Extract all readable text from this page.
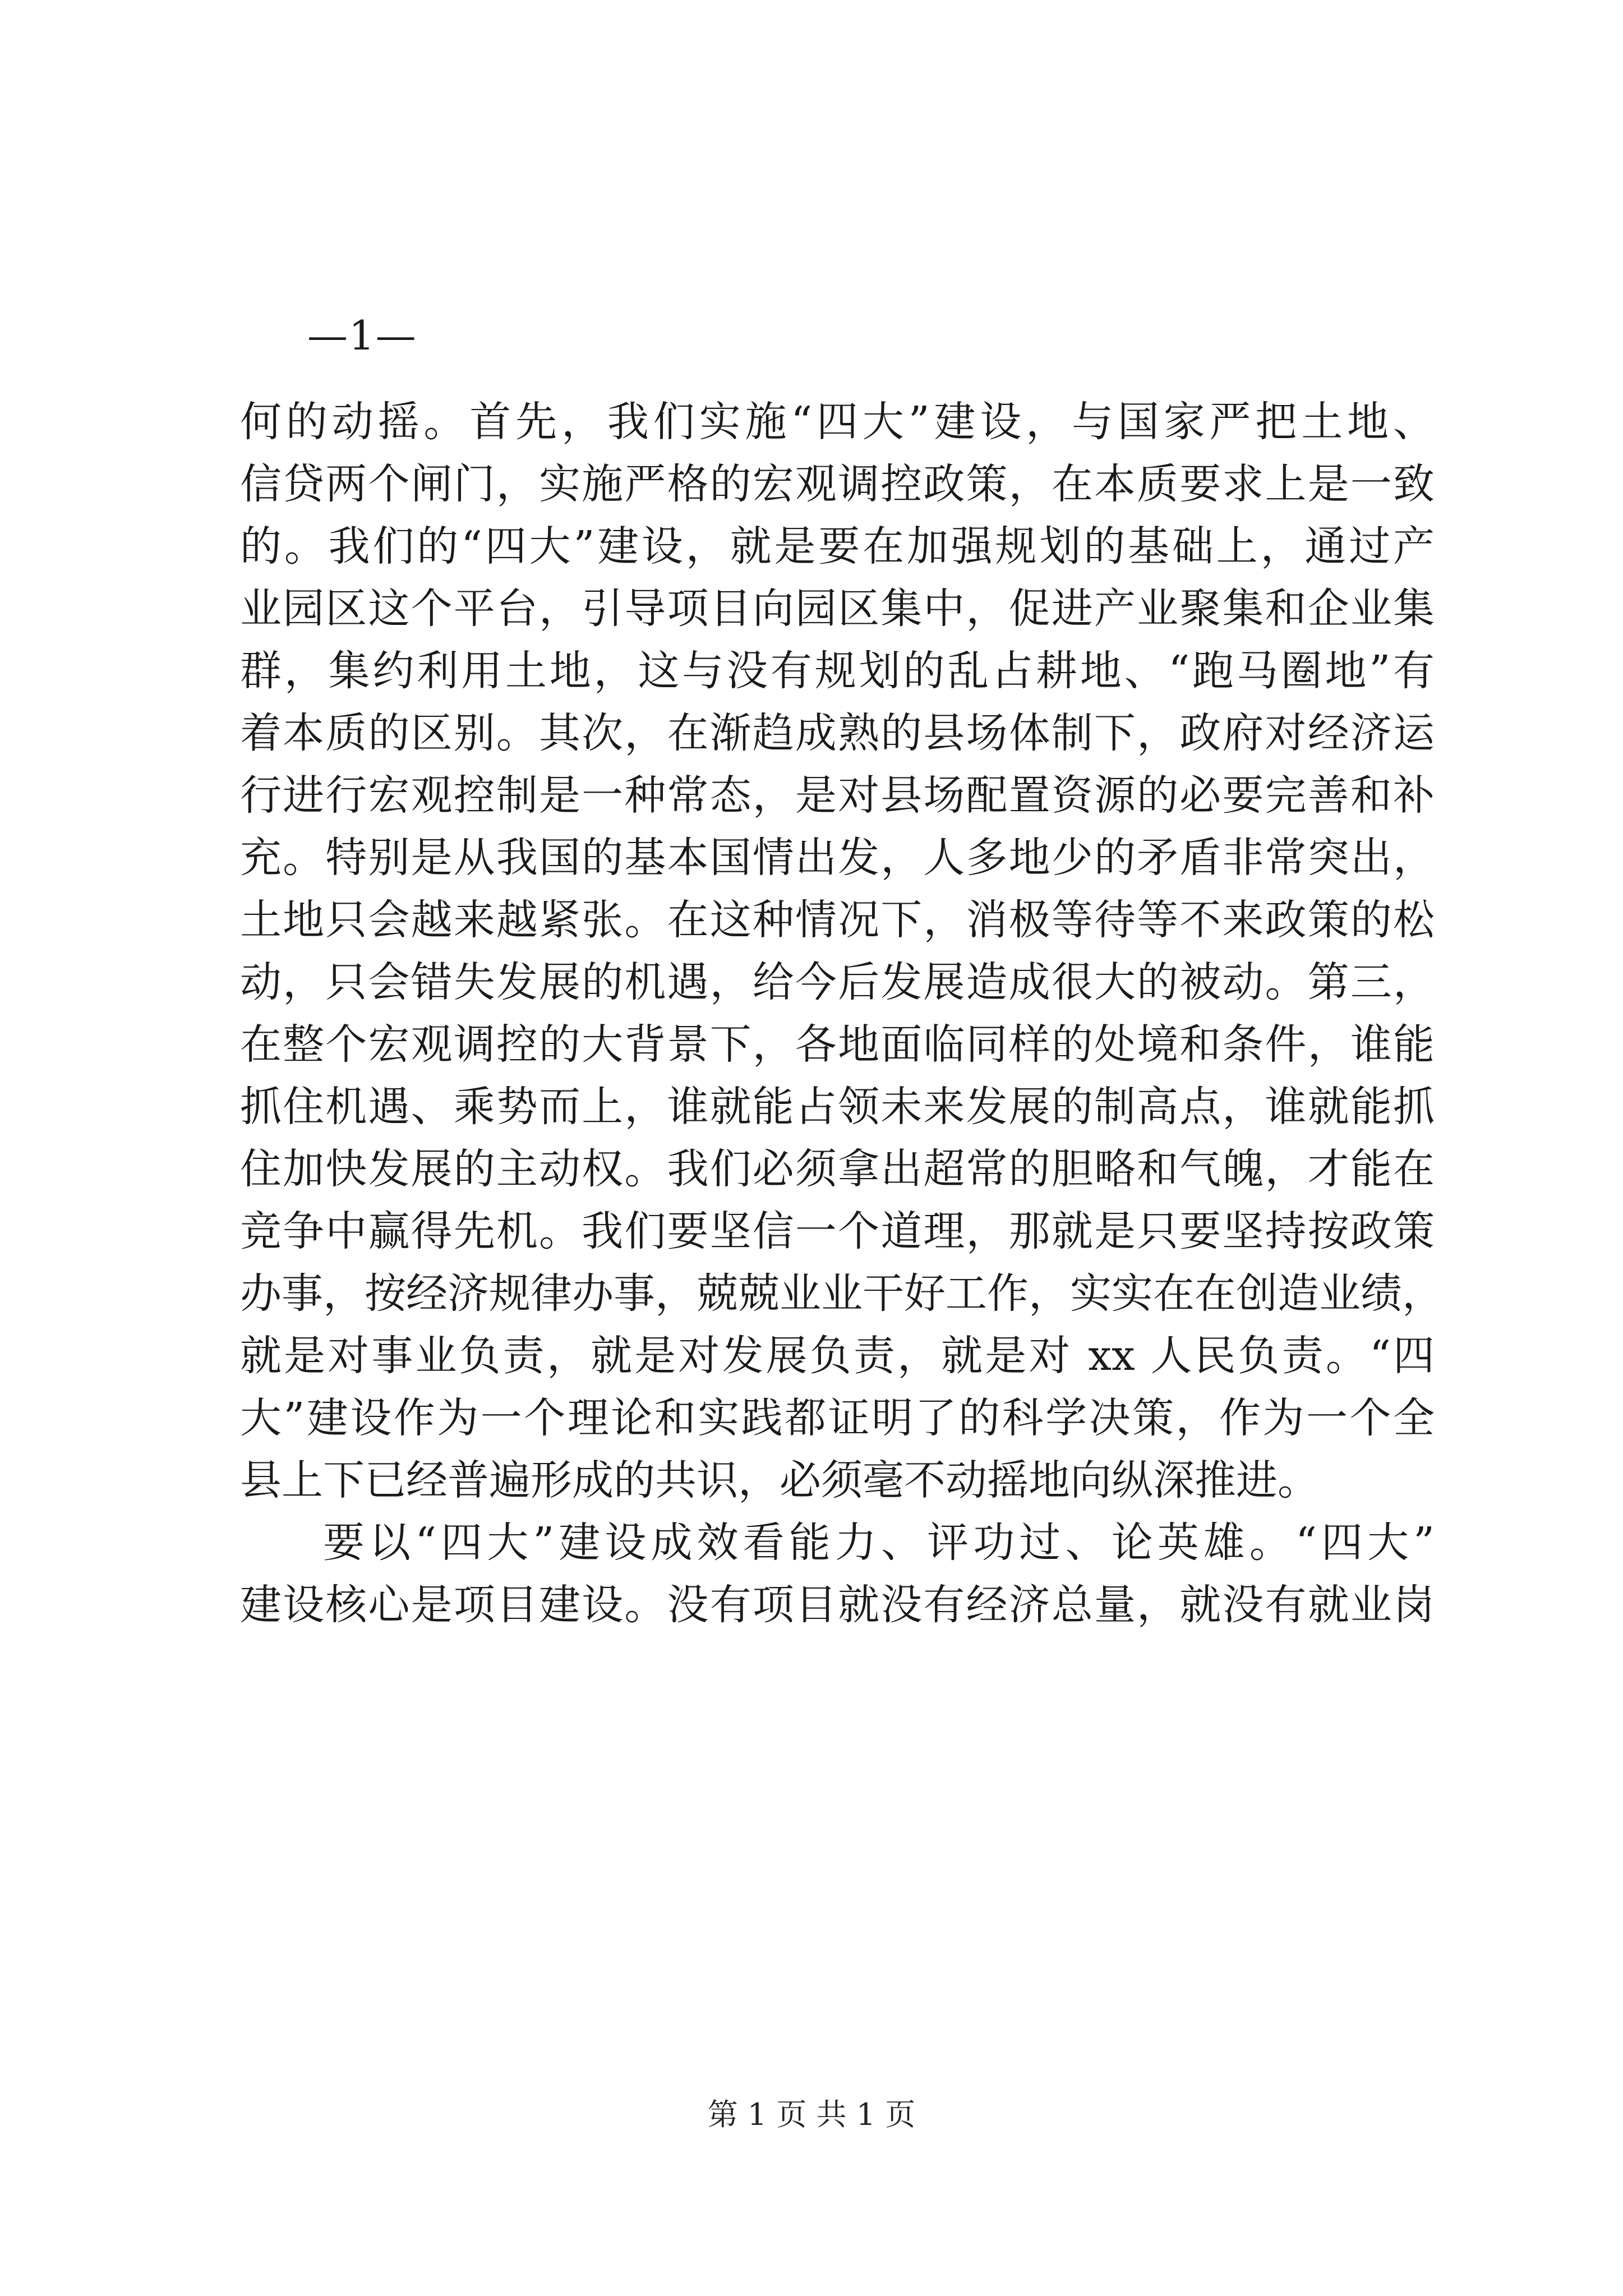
—1—
何的动摇。首先，我们实施“四大”建设，与国家严把土地、
信贷两个闸门，实施严格的宏观调控政策，在本质要求上是一致
的。我们的“四大”建设，就是要在加强规划的基础上，通过产
业园区这个平台，引导项目向园区集中，促进产业聚集和企业集
群，集约利用土地，这与没有规划的乱占耕地、“跑马圈地”有
着本质的区别。其次，在渐趋成熟的县场体制下，政府对经济运
行进行宏观控制是一种常态，是对县场配置资源的必要完善和补
充。特别是从我国的基本国情出发，人多地少的矛盾非常突出，
土地只会越来越紧张。在这种情况下，消极等待等不来政策的松
动，只会错失发展的机遇，给今后发展造成很大的被动。第三，
在整个宏观调控的大背景下，各地面临同样的处境和条件，谁能
抓住机遇、乘势而上，谁就能占领未来发展的制高点，谁就能抓
住加快发展的主动权。我们必须拿出超常的胆略和气魄，才能在
竞争中赢得先机。我们要坚信一个道理，那就是只要坚持按政策
办事，按经济规律办事，兢兢业业干好工作，实实在在创造业绩，
就是对事业负责，就是对发展负责，就是对 xx 人民负责。“四
大”建设作为一个理论和实践都证明了的科学决策，作为一个全
县上下已经普遍形成的共识，必须毫不动摇地向纵深推进。
要以“四大”建设成效看能力、评功过、论英雄。“四大”
建设核心是项目建设。没有项目就没有经济总量，就没有就业岗
第 1 页 共 1 页
